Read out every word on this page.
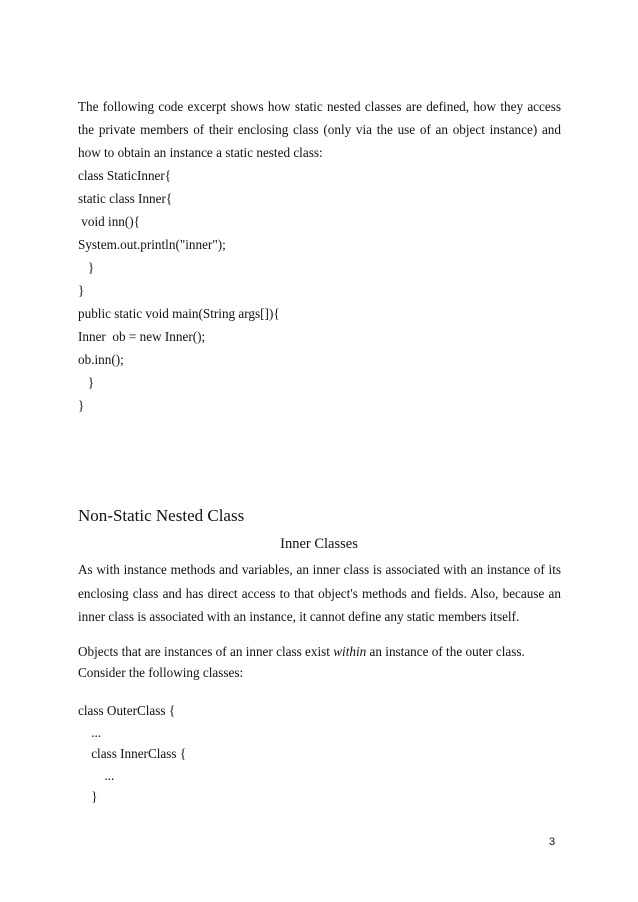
The following code excerpt shows how static nested classes are defined, how they access the private members of their enclosing class (only via the use of an object instance) and how to obtain an instance a static nested class:

class StaticInner{
static class Inner{
void inn(){
System.out.println("inner");
}
}
public static void main(String args[]){
Inner  ob = new Inner();
ob.inn();
}
}
Non-Static Nested Class
Inner Classes

As with instance methods and variables, an inner class is associated with an instance of its enclosing class and has direct access to that object's methods and fields. Also, because an inner class is associated with an instance, it cannot define any static members itself.

Objects that are instances of an inner class exist within an instance of the outer class.
Consider the following classes:

class OuterClass {
...
class InnerClass {
...
}
3
